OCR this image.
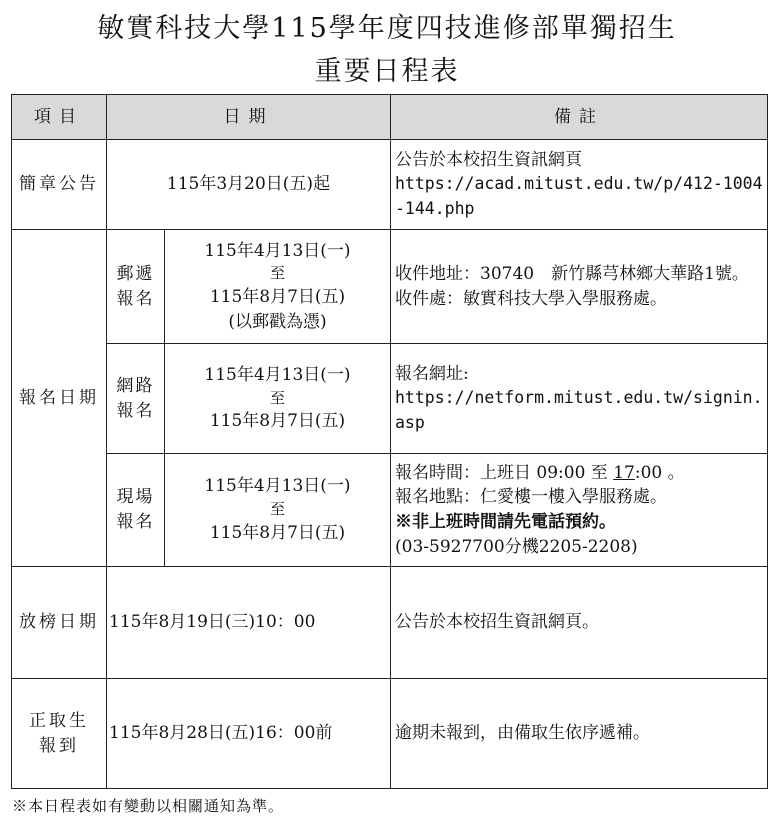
敏實科技大學115學年度四技進修部單獨招生
重要日程表
項目	日期		備註
簡章公告	115年3月20日(五)起		公告於本校招生資訊網頁
https://acad.mitust.edu.tw/p/412-1004-144.php
報名日期	郵遞報名	115年4月13日(一)
至
115年8月7日(五)
(以郵戳為憑)	收件地址：30740　新竹縣芎林鄉大華路1號。
收件處：敏實科技大學入學服務處。

	網路報名	115年4月13日(一)
至
115年8月7日(五)	報名網址:
https://netform.mitust.edu.tw/signin.asp
	現場報名	115年4月13日(一)
至
115年8月7日(五)	報名時間：上班日 09:00 至 17:00 。
報名地點：仁愛樓一樓入學服務處。
※非上班時間請先電話預約。
(03-5927700分機2205-2208)

放榜日期	115年8月19日(三)10：00		公告於本校招生資訊網頁。

正取生
報到	115年8月28日(五)16：00前		逾期未報到，由備取生依序遞補。
※本日程表如有變動以相關通知為準。
